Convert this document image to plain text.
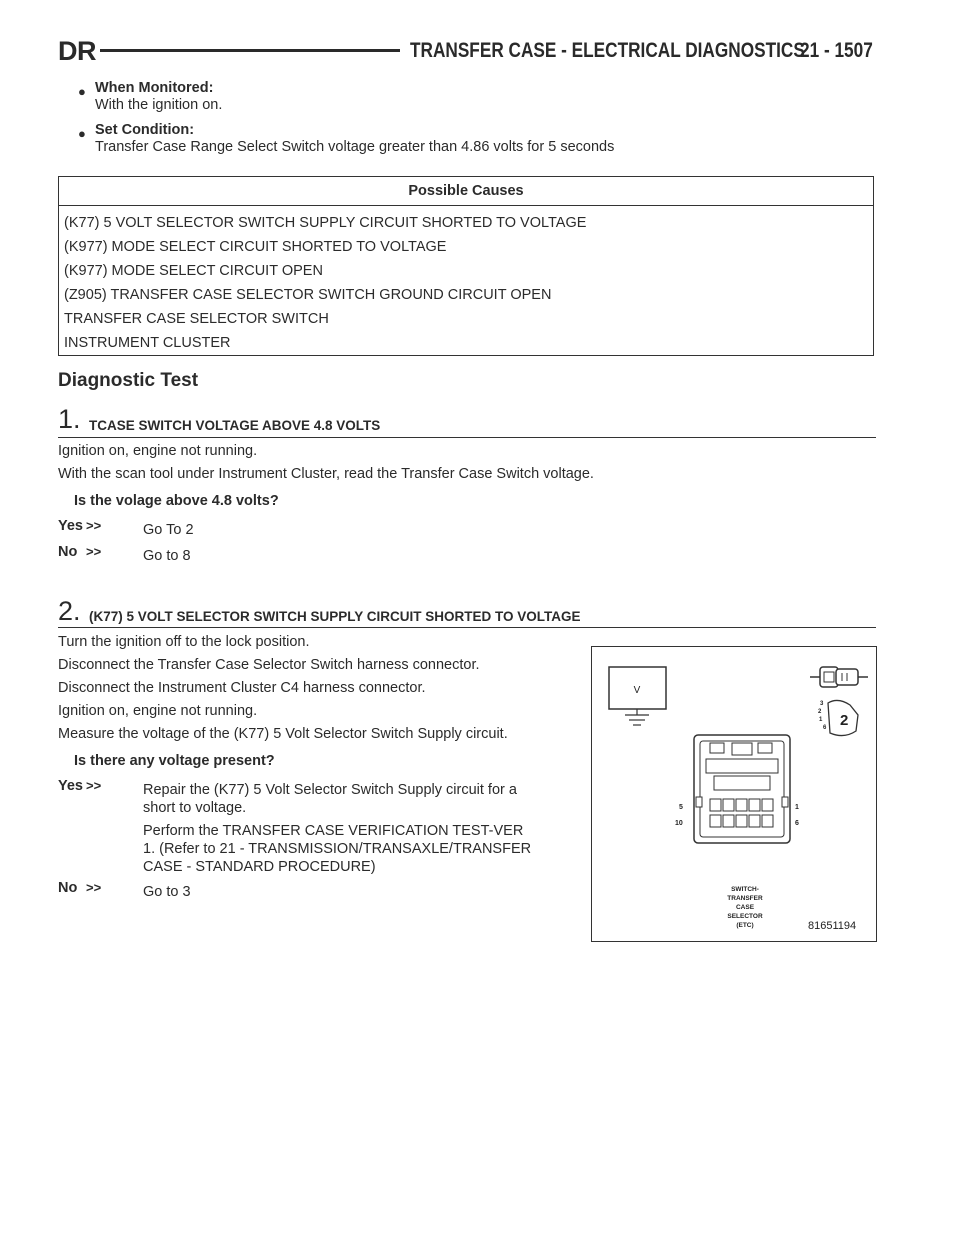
DR	TRANSFER CASE - ELECTRICAL DIAGNOSTICS
21 - 1507
● When Monitored:
With the ignition on.
● Set Condition:
Transfer Case Range Select Switch voltage greater than 4.86 volts for 5 seconds
Possible Causes
(K77) 5 VOLT SELECTOR SWITCH SUPPLY CIRCUIT SHORTED TO VOLTAGE
(K977) MODE SELECT CIRCUIT SHORTED TO VOLTAGE
(K977) MODE SELECT CIRCUIT OPEN
(Z905) TRANSFER CASE SELECTOR SWITCH GROUND CIRCUIT OPEN
TRANSFER CASE SELECTOR SWITCH
INSTRUMENT CLUSTER
Diagnostic Test
1. TCASE SWITCH VOLTAGE ABOVE 4.8 VOLTS
Ignition on, engine not running.
With the scan tool under Instrument Cluster, read the Transfer Case Switch voltage.
Is the volage above 4.8 volts?
Yes >>	Go To 2
No >>	Go to 8
2. (K77) 5 VOLT SELECTOR SWITCH SUPPLY CIRCUIT SHORTED TO VOLTAGE
Turn the ignition off to the lock position.
Disconnect the Transfer Case Selector Switch harness connector.
Disconnect the Instrument Cluster C4 harness connector.
Ignition on, engine not running.
Measure the voltage of the (K77) 5 Volt Selector Switch Supply circuit.
Is there any voltage present?
Yes >>	Repair the (K77) 5 Volt Selector Switch Supply circuit for a
short to voltage.
Perform the TRANSFER CASE VERIFICATION TEST-VER
1. (Refer to 21 - TRANSMISSION/TRANSAXLE/TRANSFER
CASE - STANDARD PROCEDURE)
No >>	Go to 3
V
3
2
1
6 2
5
10
1
6
SWITCH-
TRANSFER
CASE
SELECTOR
(ETC)	81651194
